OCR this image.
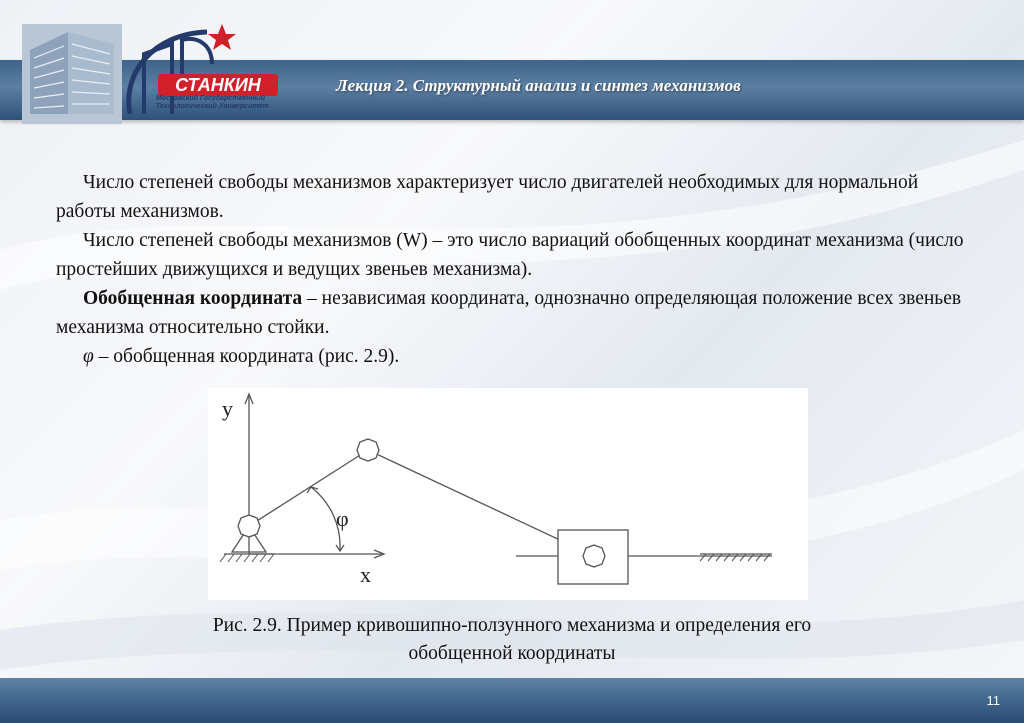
СТАНКИН
Московский Государственный
Технологический Университет
Лекция 2. Структурный анализ и синтез механизмов

Число степеней свободы механизмов характеризует число двигателей необходимых для нормальной работы механизмов.

Число степеней свободы механизмов (W) – это число вариаций обобщенных координат механизма (число простейших движущихся и ведущих звеньев механизма).

Обобщенная координата – независимая координата, однозначно определяющая положение всех звеньев механизма относительно стойки.

φ – обобщенная координата (рис. 2.9).

y
x
φ
Рис. 2.9. Пример кривошипно-ползунного механизма и определения его
обобщенной координаты
11
